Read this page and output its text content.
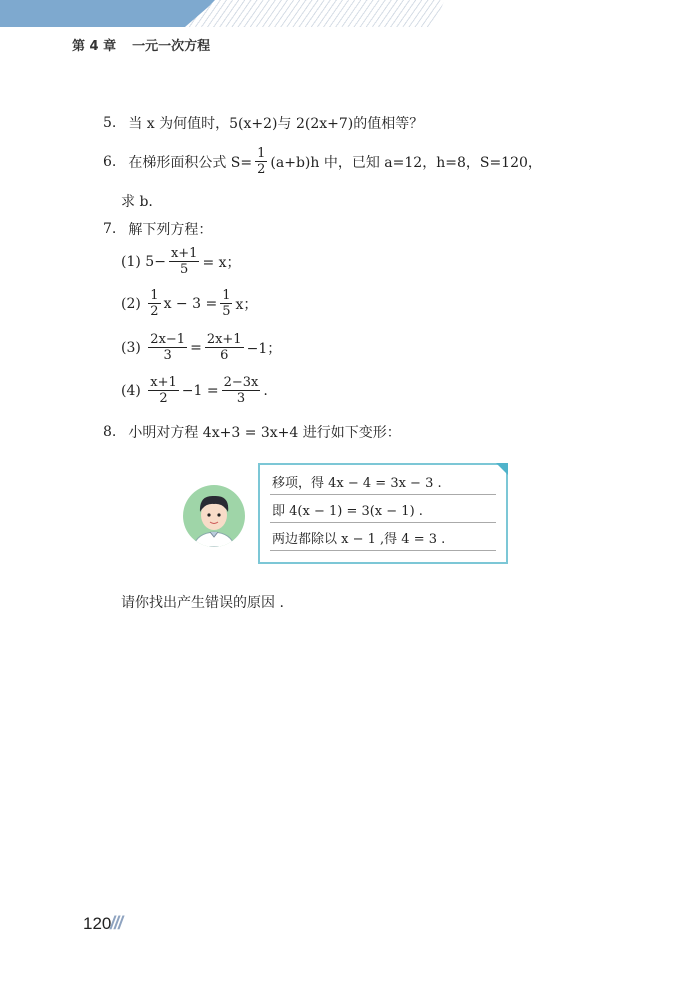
第 4 章 一元一次方程
5. 当 x 为何值时，5(x+2)与 2(2x+7)的值相等？
6. 在梯形面积公式 $S= \frac{1}{2} (a+b)h$ 中，已知 a=12，h=8，S=120，
求 b.
7. 解下列方程：
(1)
$5- \frac{x+1}{5} = x$；
(2)
$\frac{1}{2}$ $x - 3 = \frac{1}{5}$ x；
(3)
$\frac{2x-1}{3} = \frac{2x+1}{6} -1$；
(4)
$\frac{x+1}{2} -1 = \frac{2-3x}{3}$ .
8. 小明对方程 4x+3 = 3x+4 进行如下变形：
移项，得 4x − 4 = 3x − 3 .
即 4(x − 1) = 3(x − 1) .
两边都除以 x − 1 ,得 4 = 3 .
请你找出产生错误的原因 .
120
///
